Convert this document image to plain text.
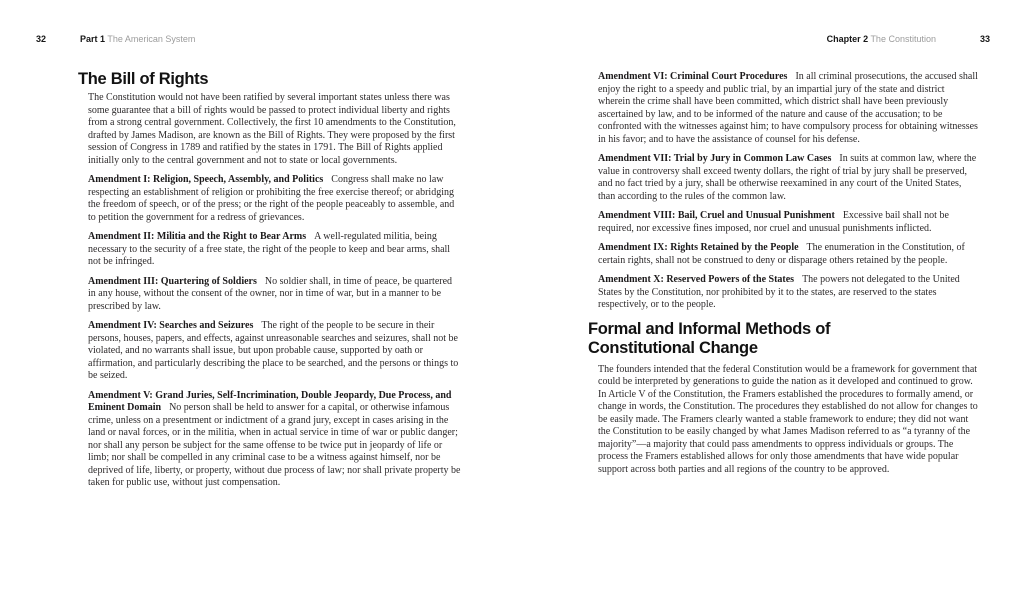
32	Part 1 The American System	Chapter 2 The Constitution	33
The Bill of Rights

The Constitution would not have been ratified by several important states unless there was some guarantee that a bill of rights would be passed to protect individual liberty and rights from a strong central government. Collectively, the first 10 amendments to the Constitution, drafted by James Madison, are known as the Bill of Rights. They were proposed by the first session of Congress in 1789 and ratified by the states in 1791. The Bill of Rights applied initially only to the central government and not to state or local governments.

Amendment I: Religion, Speech, Assembly, and Politics Congress shall make no law respecting an establishment of religion or prohibiting the free exercise thereof; or abridging the freedom of speech, or of the press; or the right of the people peaceably to assemble, and to petition the government for a redress of grievances.

Amendment II: Militia and the Right to Bear Arms A well-regulated militia, being necessary to the security of a free state, the right of the people to keep and bear arms, shall not be infringed.

Amendment III: Quartering of Soldiers No soldier shall, in time of peace, be quartered in any house, without the consent of the owner, nor in time of war, but in a manner to be prescribed by law.

Amendment IV: Searches and Seizures The right of the people to be secure in their persons, houses, papers, and effects, against unreasonable searches and seizures, shall not be violated, and no warrants shall issue, but upon probable cause, supported by oath or affirmation, and particularly describing the place to be searched, and the persons or things to be seized.

Amendment V: Grand Juries, Self-Incrimination, Double Jeopardy, Due Process, and Eminent Domain No person shall be held to answer for a capital, or otherwise infamous crime, unless on a presentment or indictment of a grand jury, except in cases arising in the land or naval forces, or in the militia, when in actual service in time of war or public danger; nor shall any person be subject for the same offense to be twice put in jeopardy of life or limb; nor shall be compelled in any criminal case to be a witness against himself, nor be deprived of life, liberty, or property, without due process of law; nor shall private property be taken for public use, without just compensation.

Amendment VI: Criminal Court Procedures In all criminal prosecutions, the accused shall enjoy the right to a speedy and public trial, by an impartial jury of the state and district wherein the crime shall have been committed, which district shall have been previously ascertained by law, and to be informed of the nature and cause of the accusation; to be confronted with the witnesses against him; to have compulsory process for obtaining witnesses in his favor; and to have the assistance of counsel for his defense.

Amendment VII: Trial by Jury in Common Law Cases In suits at common law, where the value in controversy shall exceed twenty dollars, the right of trial by jury shall be preserved, and no fact tried by a jury, shall be otherwise reexamined in any court of the United States, than according to the rules of the common law.

Amendment VIII: Bail, Cruel and Unusual Punishment Excessive bail shall not be required, nor excessive fines imposed, nor cruel and unusual punishments inflicted.

Amendment IX: Rights Retained by the People The enumeration in the Constitution, of certain rights, shall not be construed to deny or disparage others retained by the people.

Amendment X: Reserved Powers of the States The powers not delegated to the United States by the Constitution, nor prohibited by it to the states, are reserved to the states respectively, or to the people.

Formal and Informal Methods of
Constitutional Change

The founders intended that the federal Constitution would be a framework for government that could be interpreted by generations to guide the nation as it developed and continued to grow. In Article V of the Constitution, the Framers established the procedures to formally amend, or change in words, the Constitution. The procedures they established do not allow for changes to be easily made. The Framers clearly wanted a stable framework to endure; they did not want the Constitution to be easily changed by what James Madison referred to as “a tyranny of the majority”—a majority that could pass amendments to oppress individuals or groups. The process the Framers established allows for only those amendments that have wide popular support across both parties and all regions of the country to be approved.
